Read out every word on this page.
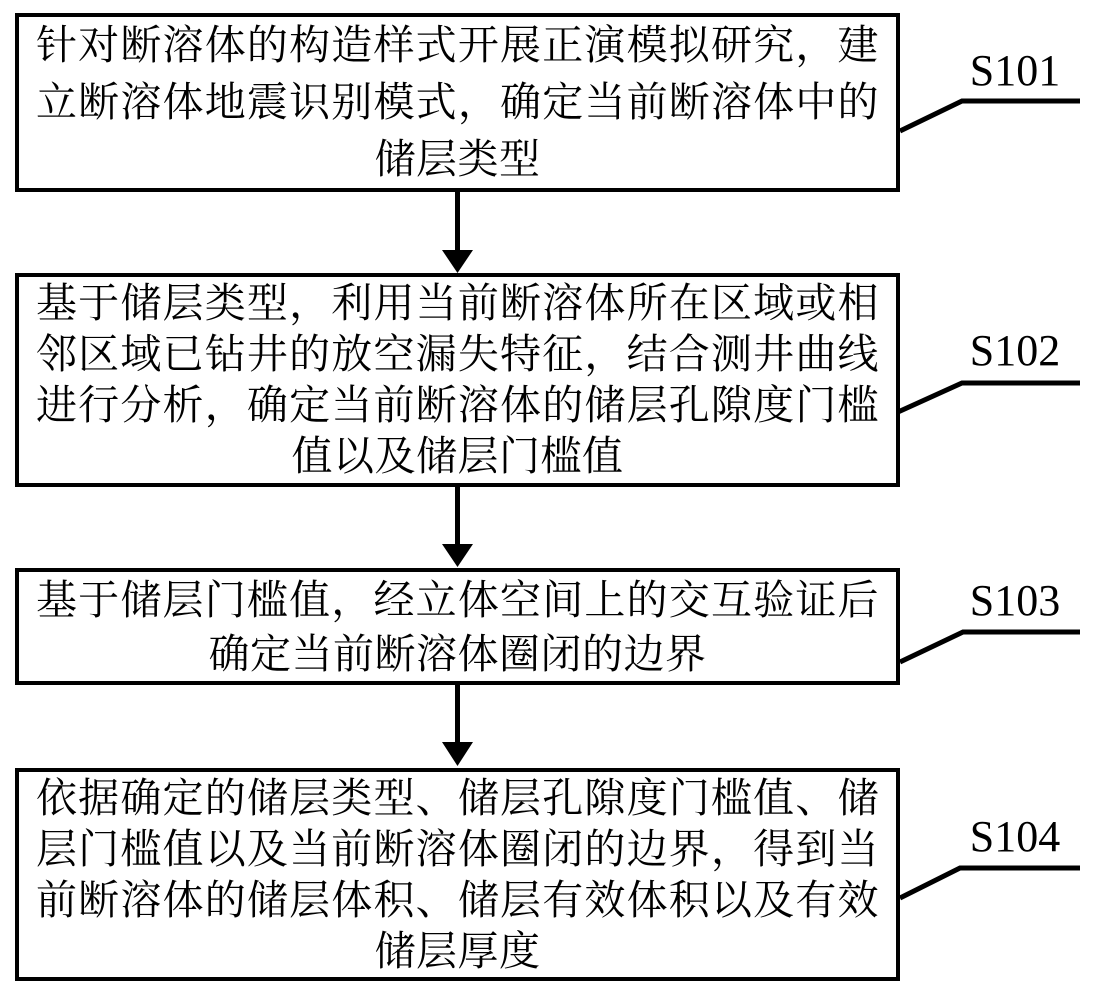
针对断溶体的构造样式开展正演模拟研究，建
立断溶体地震识别模式，确定当前断溶体中的
储层类型
基于储层类型，利用当前断溶体所在区域或相
邻区域已钻井的放空漏失特征，结合测井曲线
进行分析，确定当前断溶体的储层孔隙度门槛
值以及储层门槛值
基于储层门槛值，经立体空间上的交互验证后
确定当前断溶体圈闭的边界
依据确定的储层类型、储层孔隙度门槛值、储
层门槛值以及当前断溶体圈闭的边界，得到当
前断溶体的储层体积、储层有效体积以及有效
储层厚度
S101
S102
S103
S104
